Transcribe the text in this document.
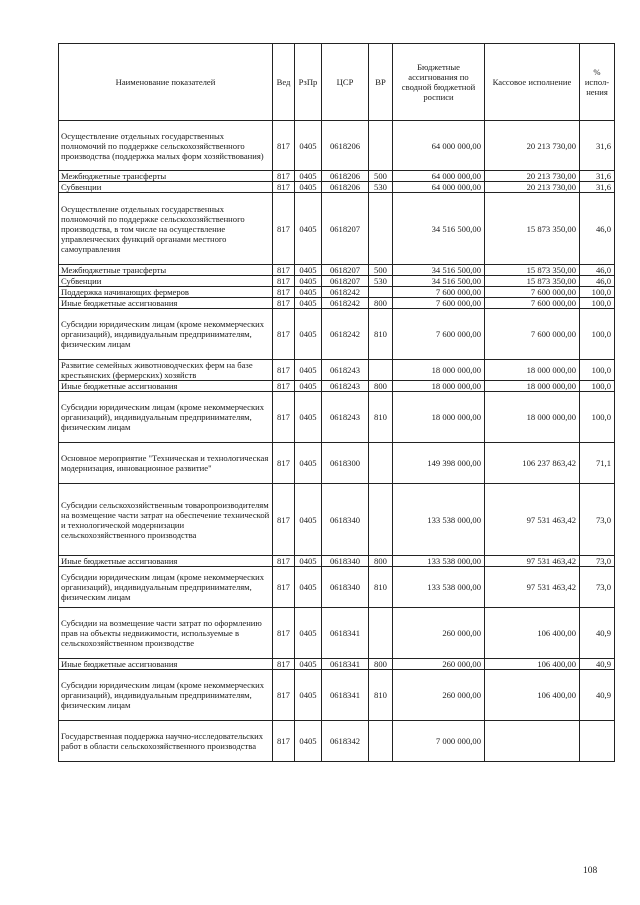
Наименование показателей	Вед	РзПр	ЦСР	ВР	Бюджетные ассигнования по сводной бюджетной росписи	Кассовое исполнение	% испол-нения
Осуществление отдельных государственных полномочий по поддержке сельскохозяйственного производства (поддержка малых форм хозяйствования)	817	0405	0618206		64 000 000,00	20 213 730,00	31,6
Межбюджетные трансферты	817	0405	0618206	500	64 000 000,00	20 213 730,00	31,6
Субвенции	817	0405	0618206	530	64 000 000,00	20 213 730,00	31,6
Осуществление отдельных государственных полномочий по поддержке сельскохозяйственного производства, в том числе на осуществление управленческих функций органами местного самоуправления	817	0405	0618207		34 516 500,00	15 873 350,00	46,0
Межбюджетные трансферты	817	0405	0618207	500	34 516 500,00	15 873 350,00	46,0
Субвенции	817	0405	0618207	530	34 516 500,00	15 873 350,00	46,0
Поддержка начинающих фермеров	817	0405	0618242		7 600 000,00	7 600 000,00	100,0
Иные бюджетные ассигнования	817	0405	0618242	800	7 600 000,00	7 600 000,00	100,0
Субсидии юридическим лицам (кроме некоммерческих организаций), индивидуальным предпринимателям, физическим лицам	817	0405	0618242	810	7 600 000,00	7 600 000,00	100,0
Развитие семейных животноводческих ферм на базе крестьянских (фермерских) хозяйств	817	0405	0618243		18 000 000,00	18 000 000,00	100,0
Иные бюджетные ассигнования	817	0405	0618243	800	18 000 000,00	18 000 000,00	100,0
Субсидии юридическим лицам (кроме некоммерческих организаций), индивидуальным предпринимателям, физическим лицам	817	0405	0618243	810	18 000 000,00	18 000 000,00	100,0
Основное мероприятие "Техническая и технологическая модернизация, инновационное развитие"	817	0405	0618300		149 398 000,00	106 237 863,42	71,1
Субсидии сельскохозяйственным товаропроизводителям на возмещение части затрат на обеспечение технической и технологической модернизации сельскохозяйственного производства	817	0405	0618340		133 538 000,00	97 531 463,42	73,0
Иные бюджетные ассигнования	817	0405	0618340	800	133 538 000,00	97 531 463,42	73,0
Субсидии юридическим лицам (кроме некоммерческих организаций), индивидуальным предпринимателям, физическим лицам	817	0405	0618340	810	133 538 000,00	97 531 463,42	73,0
Субсидии на возмещение части затрат по оформлению прав на объекты недвижимости, используемые в сельскохозяйственном производстве	817	0405	0618341		260 000,00	106 400,00	40,9
Иные бюджетные ассигнования	817	0405	0618341	800	260 000,00	106 400,00	40,9
Субсидии юридическим лицам (кроме некоммерческих организаций), индивидуальным предпринимателям, физическим лицам	817	0405	0618341	810	260 000,00	106 400,00	40,9
Государственная поддержка научно-исследовательских работ в области сельскохозяйственного производства	817	0405	0618342		7 000 000,00		
108
